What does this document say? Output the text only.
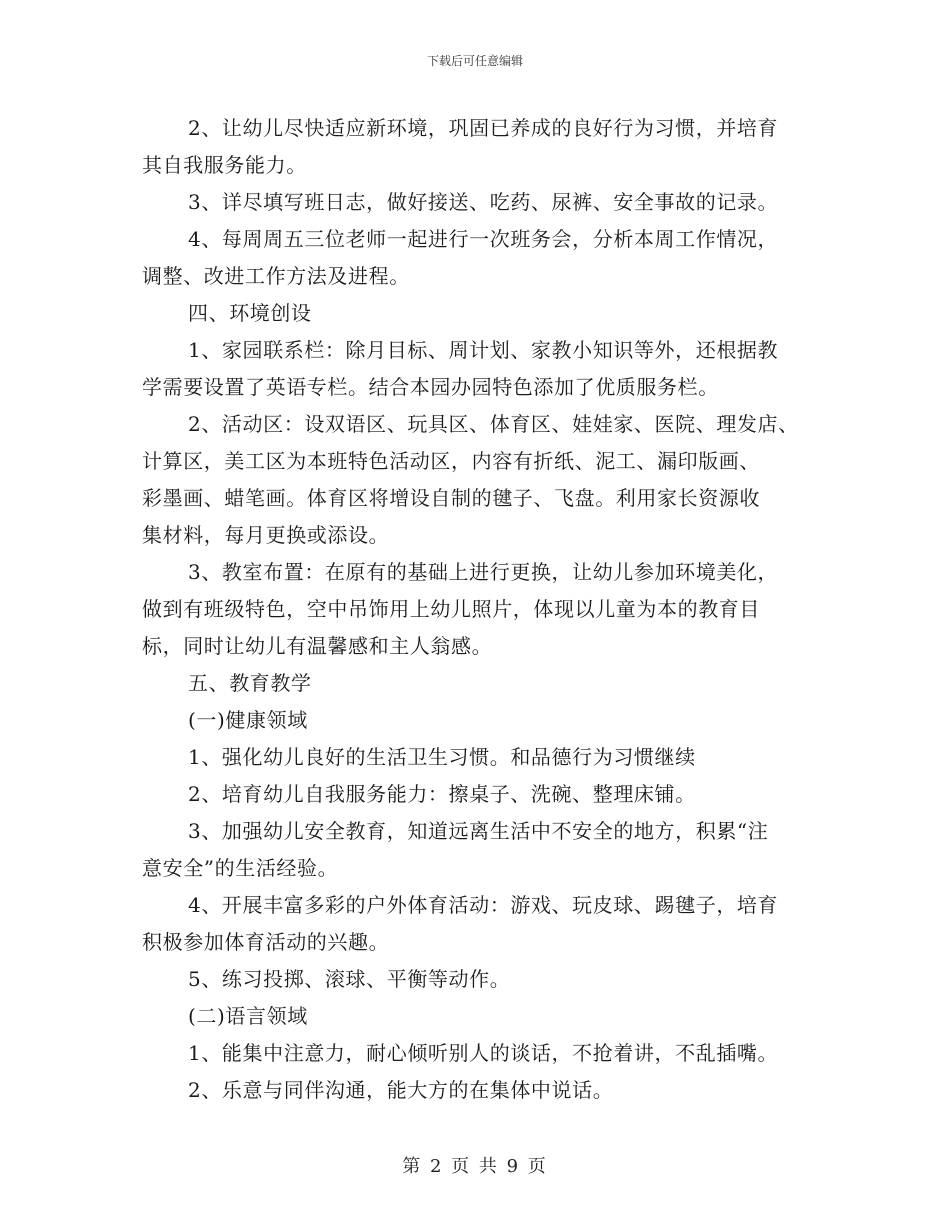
下载后可任意编辑
2、让幼儿尽快适应新环境，巩固已养成的良好行为习惯，并培育
其自我服务能力。
3、详尽填写班日志，做好接送、吃药、尿裤、安全事故的记录。
4、每周周五三位老师一起进行一次班务会，分析本周工作情况，
调整、改进工作方法及进程。
四、环境创设
1、家园联系栏：除月目标、周计划、家教小知识等外，还根据教
学需要设置了英语专栏。结合本园办园特色添加了优质服务栏。
2、活动区：设双语区、玩具区、体育区、娃娃家、医院、理发店、
计算区，美工区为本班特色活动区，内容有折纸、泥工、漏印版画、
彩墨画、蜡笔画。体育区将增设自制的毽子、飞盘。利用家长资源收
集材料，每月更换或添设。
3、教室布置：在原有的基础上进行更换，让幼儿参加环境美化，
做到有班级特色，空中吊饰用上幼儿照片，体现以儿童为本的教育目
标，同时让幼儿有温馨感和主人翁感。
五、教育教学
(一)健康领域
1、强化幼儿良好的生活卫生习惯。和品德行为习惯继续
2、培育幼儿自我服务能力：擦桌子、洗碗、整理床铺。
3、加强幼儿安全教育，知道远离生活中不安全的地方，积累“注
意安全”的生活经验。
4、开展丰富多彩的户外体育活动：游戏、玩皮球、踢毽子，培育
积极参加体育活动的兴趣。
5、练习投掷、滚球、平衡等动作。
(二)语言领域
1、能集中注意力，耐心倾听别人的谈话，不抢着讲，不乱插嘴。
2、乐意与同伴沟通，能大方的在集体中说话。
第 2 页 共 9 页
